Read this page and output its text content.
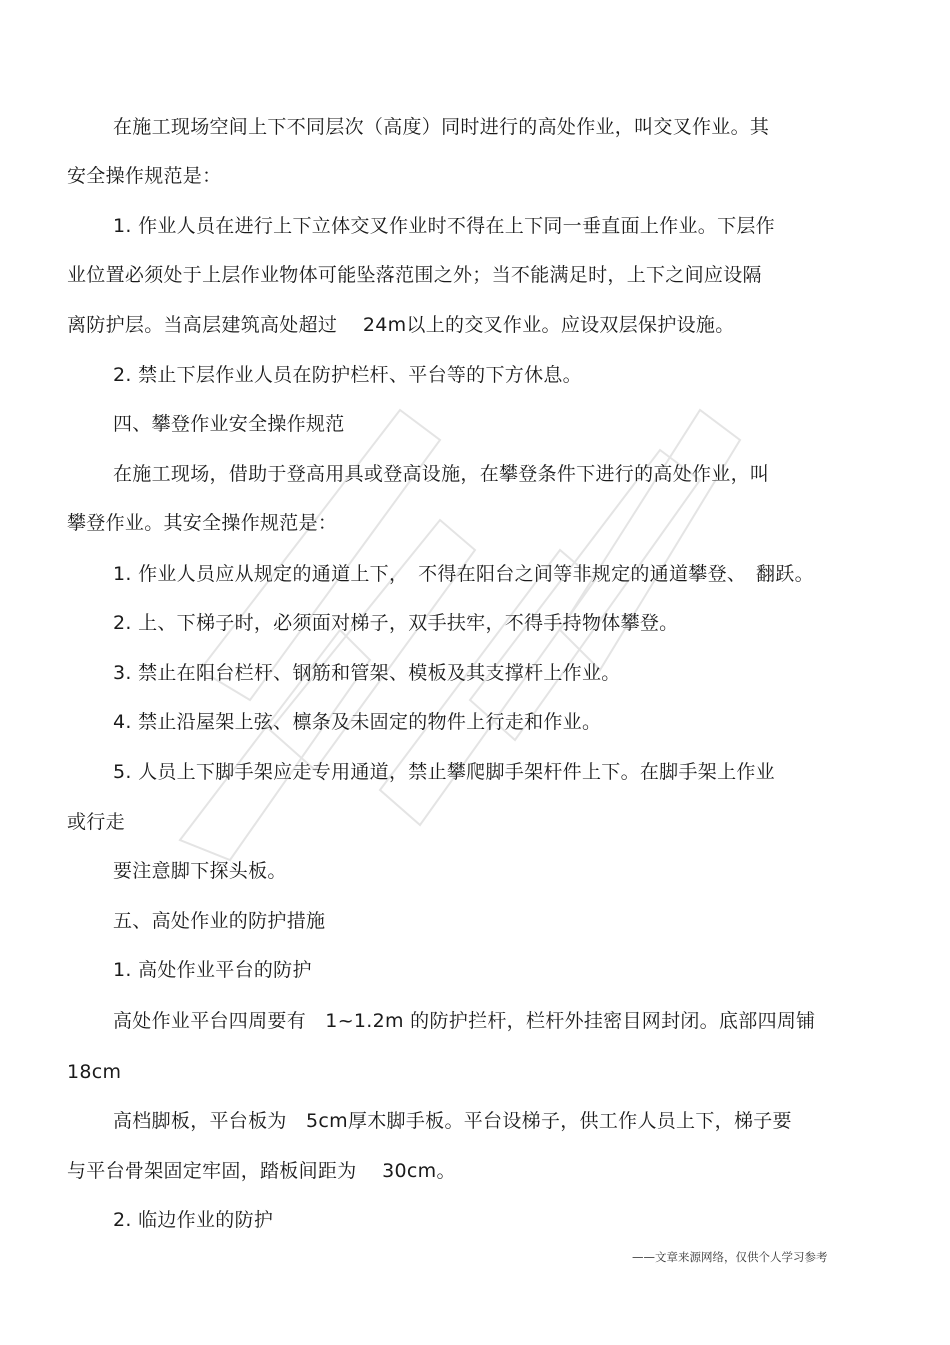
在施工现场空间上下不同层次（高度）同时进行的高处作业，叫交叉作业。其
安全操作规范是：
1. 作业人员在进行上下立体交叉作业时不得在上下同一垂直面上作业。下层作
业位置必须处于上层作业物体可能坠落范围之外；当不能满足时，上下之间应设隔
离防护层。当高层建筑高处超过　 24m以上的交叉作业。应设双层保护设施。
2. 禁止下层作业人员在防护栏杆、平台等的下方休息。
四、攀登作业安全操作规范
在施工现场，借助于登高用具或登高设施，在攀登条件下进行的高处作业，叫
攀登作业。其安全操作规范是：
1. 作业人员应从规定的通道上下，　不得在阳台之间等非规定的通道攀登、　翻跃。
2. 上、下梯子时，必须面对梯子，双手扶牢，不得手持物体攀登。
3. 禁止在阳台栏杆、钢筋和管架、模板及其支撑杆上作业。
4. 禁止沿屋架上弦、檩条及未固定的物件上行走和作业。
5. 人员上下脚手架应走专用通道，禁止攀爬脚手架杆件上下。在脚手架上作业
或行走
要注意脚下探头板。
五、高处作业的防护措施
1. 高处作业平台的防护
高处作业平台四周要有　1~1.2m 的防护拦杆，栏杆外挂密目网封闭。底部四周铺
18cm
高档脚板，平台板为　5cm厚木脚手板。平台设梯子，供工作人员上下，梯子要
与平台骨架固定牢固，踏板间距为　 30cm。
2. 临边作业的防护
——文章来源网络，仅供个人学习参考
